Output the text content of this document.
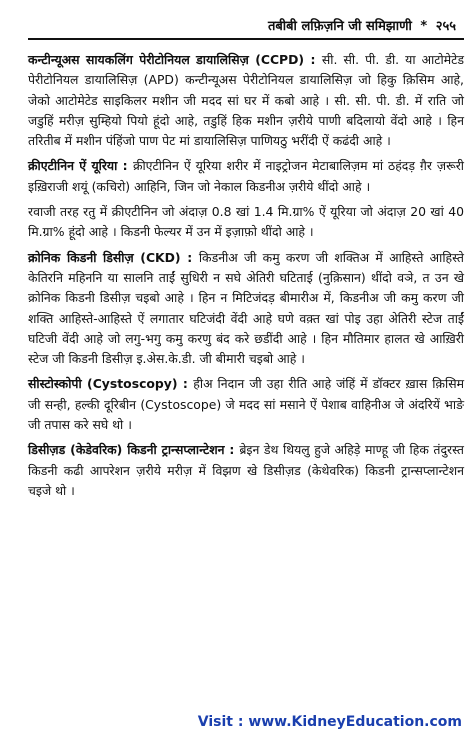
तबीबी लफ़िज़नि जी समिझाणी * २५५

कन्टीन्यूअस सायकलिंग पेरीटोनियल डायालिसिज़ (CCPD) : सी. सी. पी. डी. या आटोमेटेड पेरीटोनियल डायालिसिज़ (APD) कन्टीन्यूअस पेरीटोनियल डायालिसिज़ जो हिकु क़िसिम आहे, जेको आटोमेटेड साइकिलर मशीन जी मदद सां घर में कबो आहे । सी. सी. पी. डी. में राति जो जडुहिं मरीज़ सुम्हियो पियो हूंदो आहे, तडुहिं हिक मशीन ज़रीये पाणी बदिलायो वेंदो आहे । हिन तरितीब में मशीन पंहिंजो पाण पेट मां डायालिसिज़ पाणियठु भरींदी ऐं कढंदी आहे ।

क्रीएटीनिन ऐं यूरिया : क्रीएटीनिन ऐं यूरिया शरीर में नाइट्रोजन मेटाबालिज़म मां ठहंदड़ ग़ैर ज़रूरी इख़िराजी शयूं (कचिरो) आहिनि, जिन जो नेकाल किडनीअ ज़रीये थींदो आहे ।

रवाजी तरह रतु में क्रीएटीनिन जो अंदाज़ 0.8 खां 1.4 मि.ग्रा% ऐं यूरिया जो अंदाज़ 20 खां 40 मि.ग्रा% हूंदो आहे । किडनी फेल्यर में उन में इज़ाफ़ो थींदो आहे ।

क्रोनिक किडनी डिसीज़ (CKD) : किडनीअ जी कमु करण जी शक्तिअ में आहिस्ते आहिस्ते केतिरनि महिननि या सालनि ताईं सुधिरी न सघे अेतिरी घटिताई (नुक़िसान) थींदो वञे, त उन खे क्रोनिक किडनी डिसीज़ चइबो आहे । हिन न मिटिजंदड़ बीमारीअ में, किडनीअ जी कमु करण जी शक्ति आहिस्ते-आहिस्ते ऐं लगातार घटिजंदी वेंदी आहे घणे वक़्त खां पोइ उहा अेतिरी स्टेज ताईं घटिजी वेंदी आहे जो लगु-भगु कमु करणु बंद करे छडींदी आहे । हिन मौतिमार हालत खे आख़िरी स्टेज जी किडनी डिसीज़ इ.अेस.के.डी. जी बीमारी चइबो आहे ।

सीस्टोस्कोपी (Cystoscopy) : हीअ निदान जी उहा रीति आहे जंहिं में डॉक्टर ख़ास क़िसिम जी सन्ही, हल्की दूरिबीन (Cystoscope) जे मदद सां मसाने ऐं पेशाब वाहिनीअ जे अंदरियें भाङे जी तपास करे सघे थो ।

डिसीज़ड (केडेवरिक) किडनी ट्रान्सप्लान्टेशन : ब्रेइन डेथ थियलु हुजे अहिड़े माण्हू जी हिक तंदुरस्त किडनी कढी आपरेशन ज़रीये मरीज़ में विझण खे डिसीज़ड (केथेवरिक) किडनी ट्रान्सप्लान्टेशन चइजे थो ।

Visit : www.KidneyEducation.com
